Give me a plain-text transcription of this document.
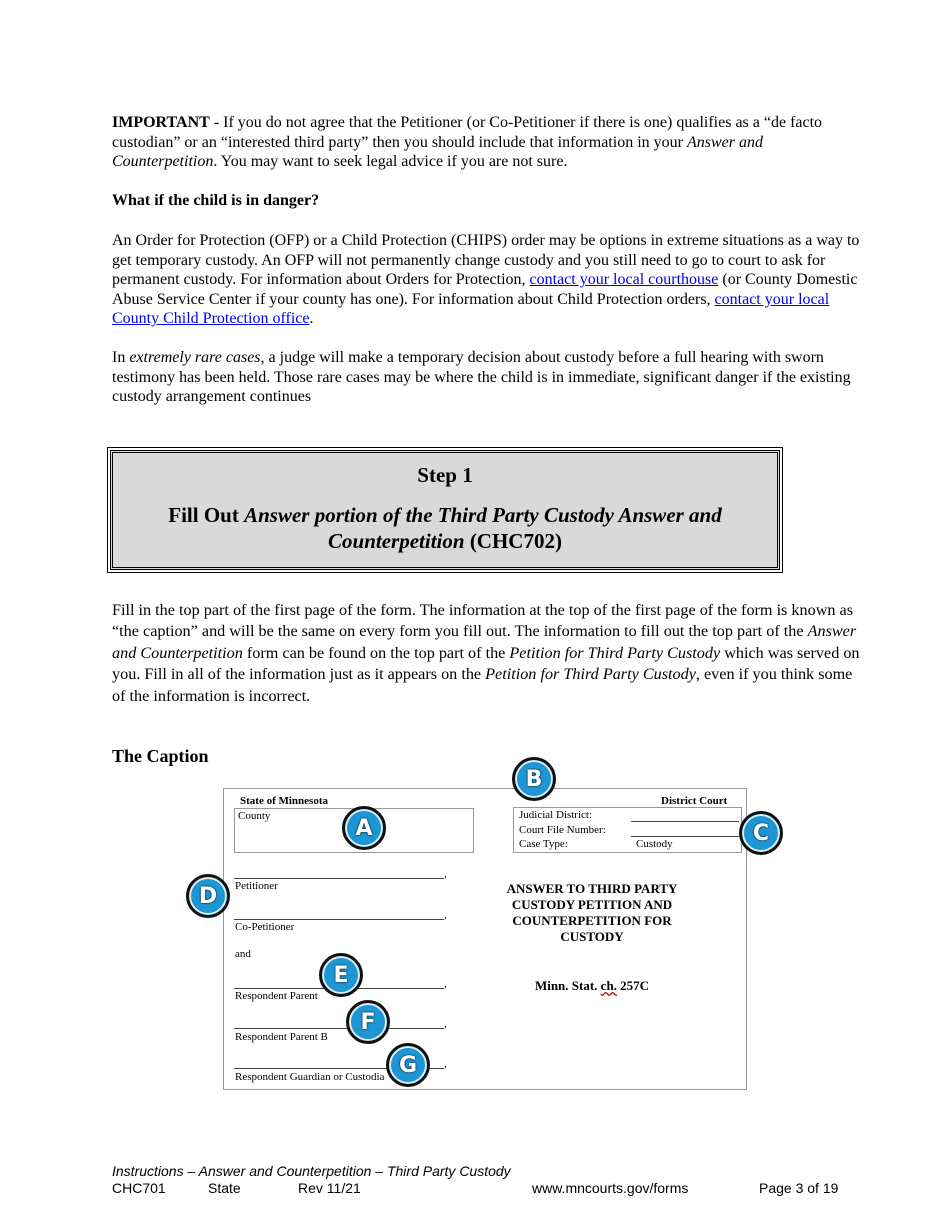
IMPORTANT - If you do not agree that the Petitioner (or Co-Petitioner if there is one) qualifies as a “de facto custodian” or an “interested third party” then you should include that information in your Answer and Counterpetition. You may want to seek legal advice if you are not sure.

What if the child is in danger?

An Order for Protection (OFP) or a Child Protection (CHIPS) order may be options in extreme situations as a way to get temporary custody. An OFP will not permanently change custody and you still need to go to court to ask for permanent custody. For information about Orders for Protection, contact your local courthouse (or County Domestic Abuse Service Center if your county has one). For information about Child Protection orders, contact your local County Child Protection office.

In extremely rare cases, a judge will make a temporary decision about custody before a full hearing with sworn testimony has been held. Those rare cases may be where the child is in immediate, significant danger if the existing custody arrangement continues

Step 1
Fill Out Answer portion of the Third Party Custody Answer and Counterpetition (CHC702)

Fill in the top part of the first page of the form. The information at the top of the first page of the form is known as “the caption” and will be the same on every form you fill out. The information to fill out the top part of the Answer and Counterpetition form can be found on the top part of the Petition for Third Party Custody which was served on you. Fill in all of the information just as it appears on the Petition for Third Party Custody, even if you think some of the information is incorrect.

The Caption
State of Minnesota
County
District Court
Judicial District:
Court File Number:
Case Type:	Custody
,
Petitioner
,
Co-Petitioner
and
,
Respondent Parent
,
Respondent Parent B
,
Respondent Guardian or Custodia
ANSWER TO THIRD PARTY CUSTODY PETITION AND COUNTERPETITION FOR CUSTODY
Minn. Stat. ch. 257C
A
B
C
D
E
F
G
Instructions – Answer and Counterpetition – Third Party Custody
CHC701	State	Rev 11/21	www.mncourts.gov/forms	Page 3 of 19
